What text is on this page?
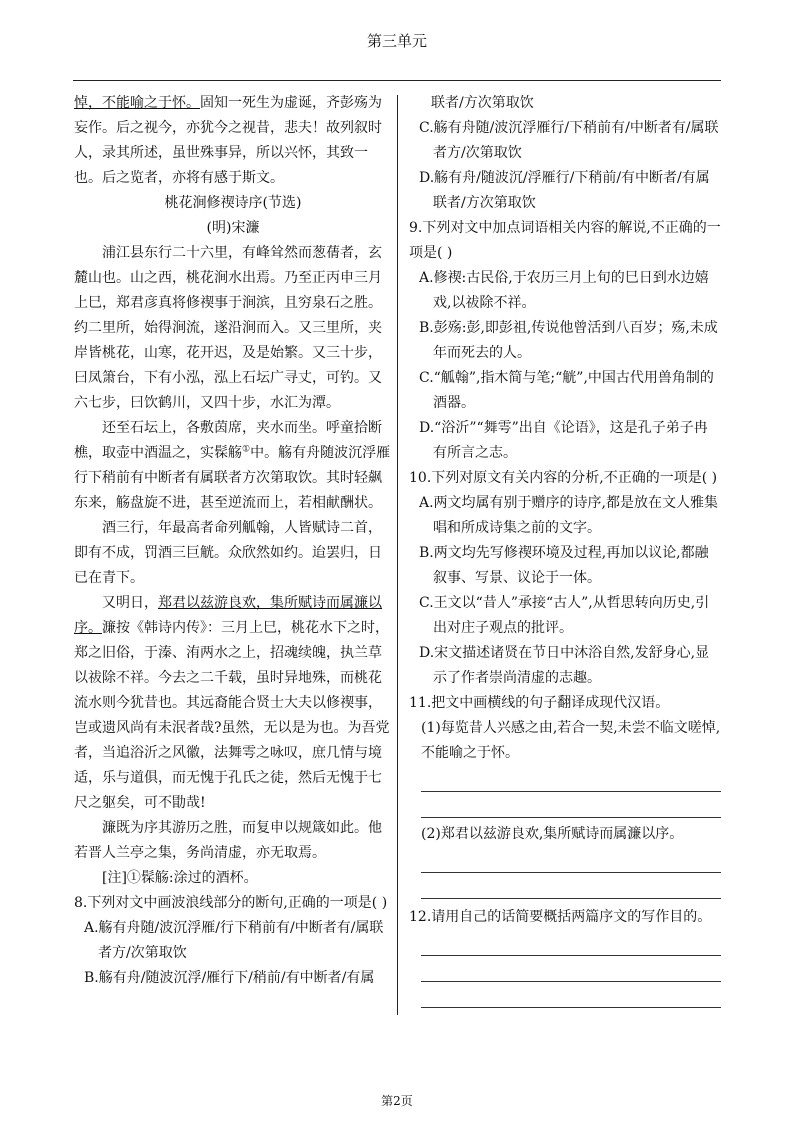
第三单元

悼，不能喻之于怀。固知一死生为虚诞，齐彭殇为妄作。后之视今，亦犹今之视昔，悲夫！故列叙时人，录其所述，虽世殊事异，所以兴怀，其致一也。后之览者，亦将有感于斯文。

桃花涧修禊诗序(节选)

(明)宋濂

浦江县东行二十六里，有峰耸然而葱蒨者，玄麓山也。山之西，桃花涧水出焉。乃至正丙申三月上巳，郑君彦真将修禊事于涧滨，且穷泉石之胜。约二里所，始得涧流，遂沿涧而入。又三里所，夹岸皆桃花，山寒，花开迟，及是始繁。又三十步，曰凤箫台，下有小泓，泓上石坛广寻丈，可钓。又六七步，曰饮鹤川，又四十步，水汇为潭。

还至石坛上，各敷茵席，夹水而坐。呼童拾断樵，取壶中酒温之，实髹觞①中。觞有舟随波沉浮雁行下稍前有中断者有属联者方次第取饮。其时轻飙东来，觞盘旋不进，甚至逆流而上，若相献酬状。

酒三行，年最高者命列觚翰，人皆赋诗二首，即有不成，罚酒三巨觥。众欣然如约。迨罢归，日已在青下。

又明日，郑君以兹游良欢，集所赋诗而属濂以序。濂按《韩诗内传》：三月上巳，桃花水下之时，郑之旧俗，于溱、洧两水之上，招魂续魄，执兰草以祓除不祥。今去之二千载，虽时异地殊，而桃花流水则今犹昔也。其远裔能合贤士大夫以修禊事，岂或遗风尚有未泯者哉?虽然，无以是为也。为吾党者，当追浴沂之风徽，法舞雩之咏叹，庶几情与境适，乐与道俱，而无愧于孔氏之徒，然后无愧于七尺之躯矣，可不勖哉!

濂既为序其游历之胜，而复申以规箴如此。他若晋人兰亭之集，务尚清虚，亦无取焉。

[注]①髹觞:涂过的酒杯。

8.下列对文中画波浪线部分的断句,正确的一项是( )

A.觞有舟随/波沉浮雁/行下稍前有/中断者有/属联者方/次第取饮

B.觞有舟/随波沉浮/雁行下/稍前/有中断者/有属

联者/方次第取饮

C.觞有舟随/波沉浮雁行/下稍前有/中断者有/属联者方/次第取饮

D.觞有舟/随波沉/浮雁行/下稍前/有中断者/有属联者/方次第取饮

9.下列对文中加点词语相关内容的解说,不正确的一项是( )

A.修禊:古民俗,于农历三月上旬的巳日到水边嬉戏,以祓除不祥。

B.彭殇:彭,即彭祖,传说他曾活到八百岁；殇,未成年而死去的人。

C.“觚翰”,指木简与笔;“觥”,中国古代用兽角制的酒器。

D.“浴沂”“舞雩”出自《论语》，这是孔子弟子冉有所言之志。

10.下列对原文有关内容的分析,不正确的一项是( )

A.两文均属有别于赠序的诗序,都是放在文人雅集唱和所成诗集之前的文字。

B.两文均先写修禊环境及过程,再加以议论,都融叙事、写景、议论于一体。

C.王文以“昔人”承接“古人”,从哲思转向历史,引出对庄子观点的批评。

D.宋文描述诸贤在节日中沐浴自然,发舒身心,显示了作者崇尚清虚的志趣。

11.把文中画横线的句子翻译成现代汉语。

(1)每览昔人兴感之由,若合一契,未尝不临文嗟悼,不能喻之于怀。

(2)郑君以兹游良欢,集所赋诗而属濂以序。

12.请用自己的话简要概括两篇序文的写作目的。

第2页
